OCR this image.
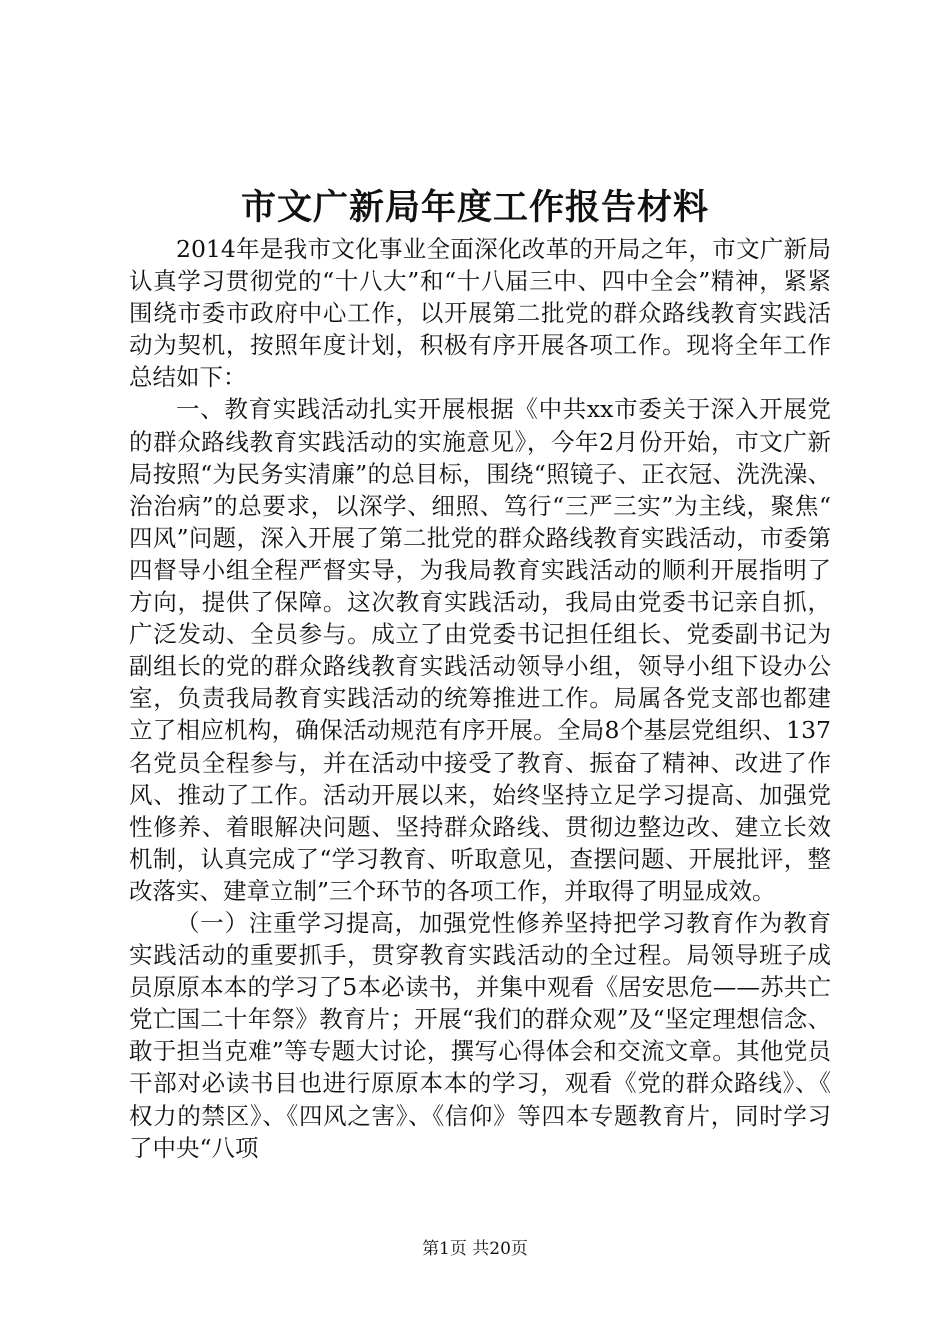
市文广新局年度工作报告材料

2014年是我市文化事业全面深化改革的开局之年，市文广新局认真学习贯彻党的“十八大”和“十八届三中、四中全会”精神，紧紧围绕市委市政府中心工作，以开展第二批党的群众路线教育实践活动为契机，按照年度计划，积极有序开展各项工作。现将全年工作总结如下：

一、教育实践活动扎实开展根据《中共xx市委关于深入开展党的群众路线教育实践活动的实施意见》，今年2月份开始，市文广新局按照“为民务实清廉”的总目标，围绕“照镜子、正衣冠、洗洗澡、治治病”的总要求，以深学、细照、笃行“三严三实”为主线，聚焦“四风”问题，深入开展了第二批党的群众路线教育实践活动，市委第四督导小组全程严督实导，为我局教育实践活动的顺利开展指明了方向，提供了保障。这次教育实践活动，我局由党委书记亲自抓，广泛发动、全员参与。成立了由党委书记担任组长、党委副书记为副组长的党的群众路线教育实践活动领导小组，领导小组下设办公室，负责我局教育实践活动的统筹推进工作。局属各党支部也都建立了相应机构，确保活动规范有序开展。全局8个基层党组织、137名党员全程参与，并在活动中接受了教育、振奋了精神、改进了作风、推动了工作。活动开展以来，始终坚持立足学习提高、加强党性修养、着眼解决问题、坚持群众路线、贯彻边整边改、建立长效机制，认真完成了“学习教育、听取意见，查摆问题、开展批评，整改落实、建章立制”三个环节的各项工作，并取得了明显成效。

（一）注重学习提高，加强党性修养坚持把学习教育作为教育实践活动的重要抓手，贯穿教育实践活动的全过程。局领导班子成员原原本本的学习了5本必读书，并集中观看《居安思危——苏共亡党亡国二十年祭》教育片；开展“我们的群众观”及“坚定理想信念、敢于担当克难”等专题大讨论，撰写心得体会和交流文章。其他党员干部对必读书目也进行原原本本的学习，观看《党的群众路线》、《权力的禁区》、《四风之害》、《信仰》等四本专题教育片，同时学习了中央“八项

第1页 共20页
